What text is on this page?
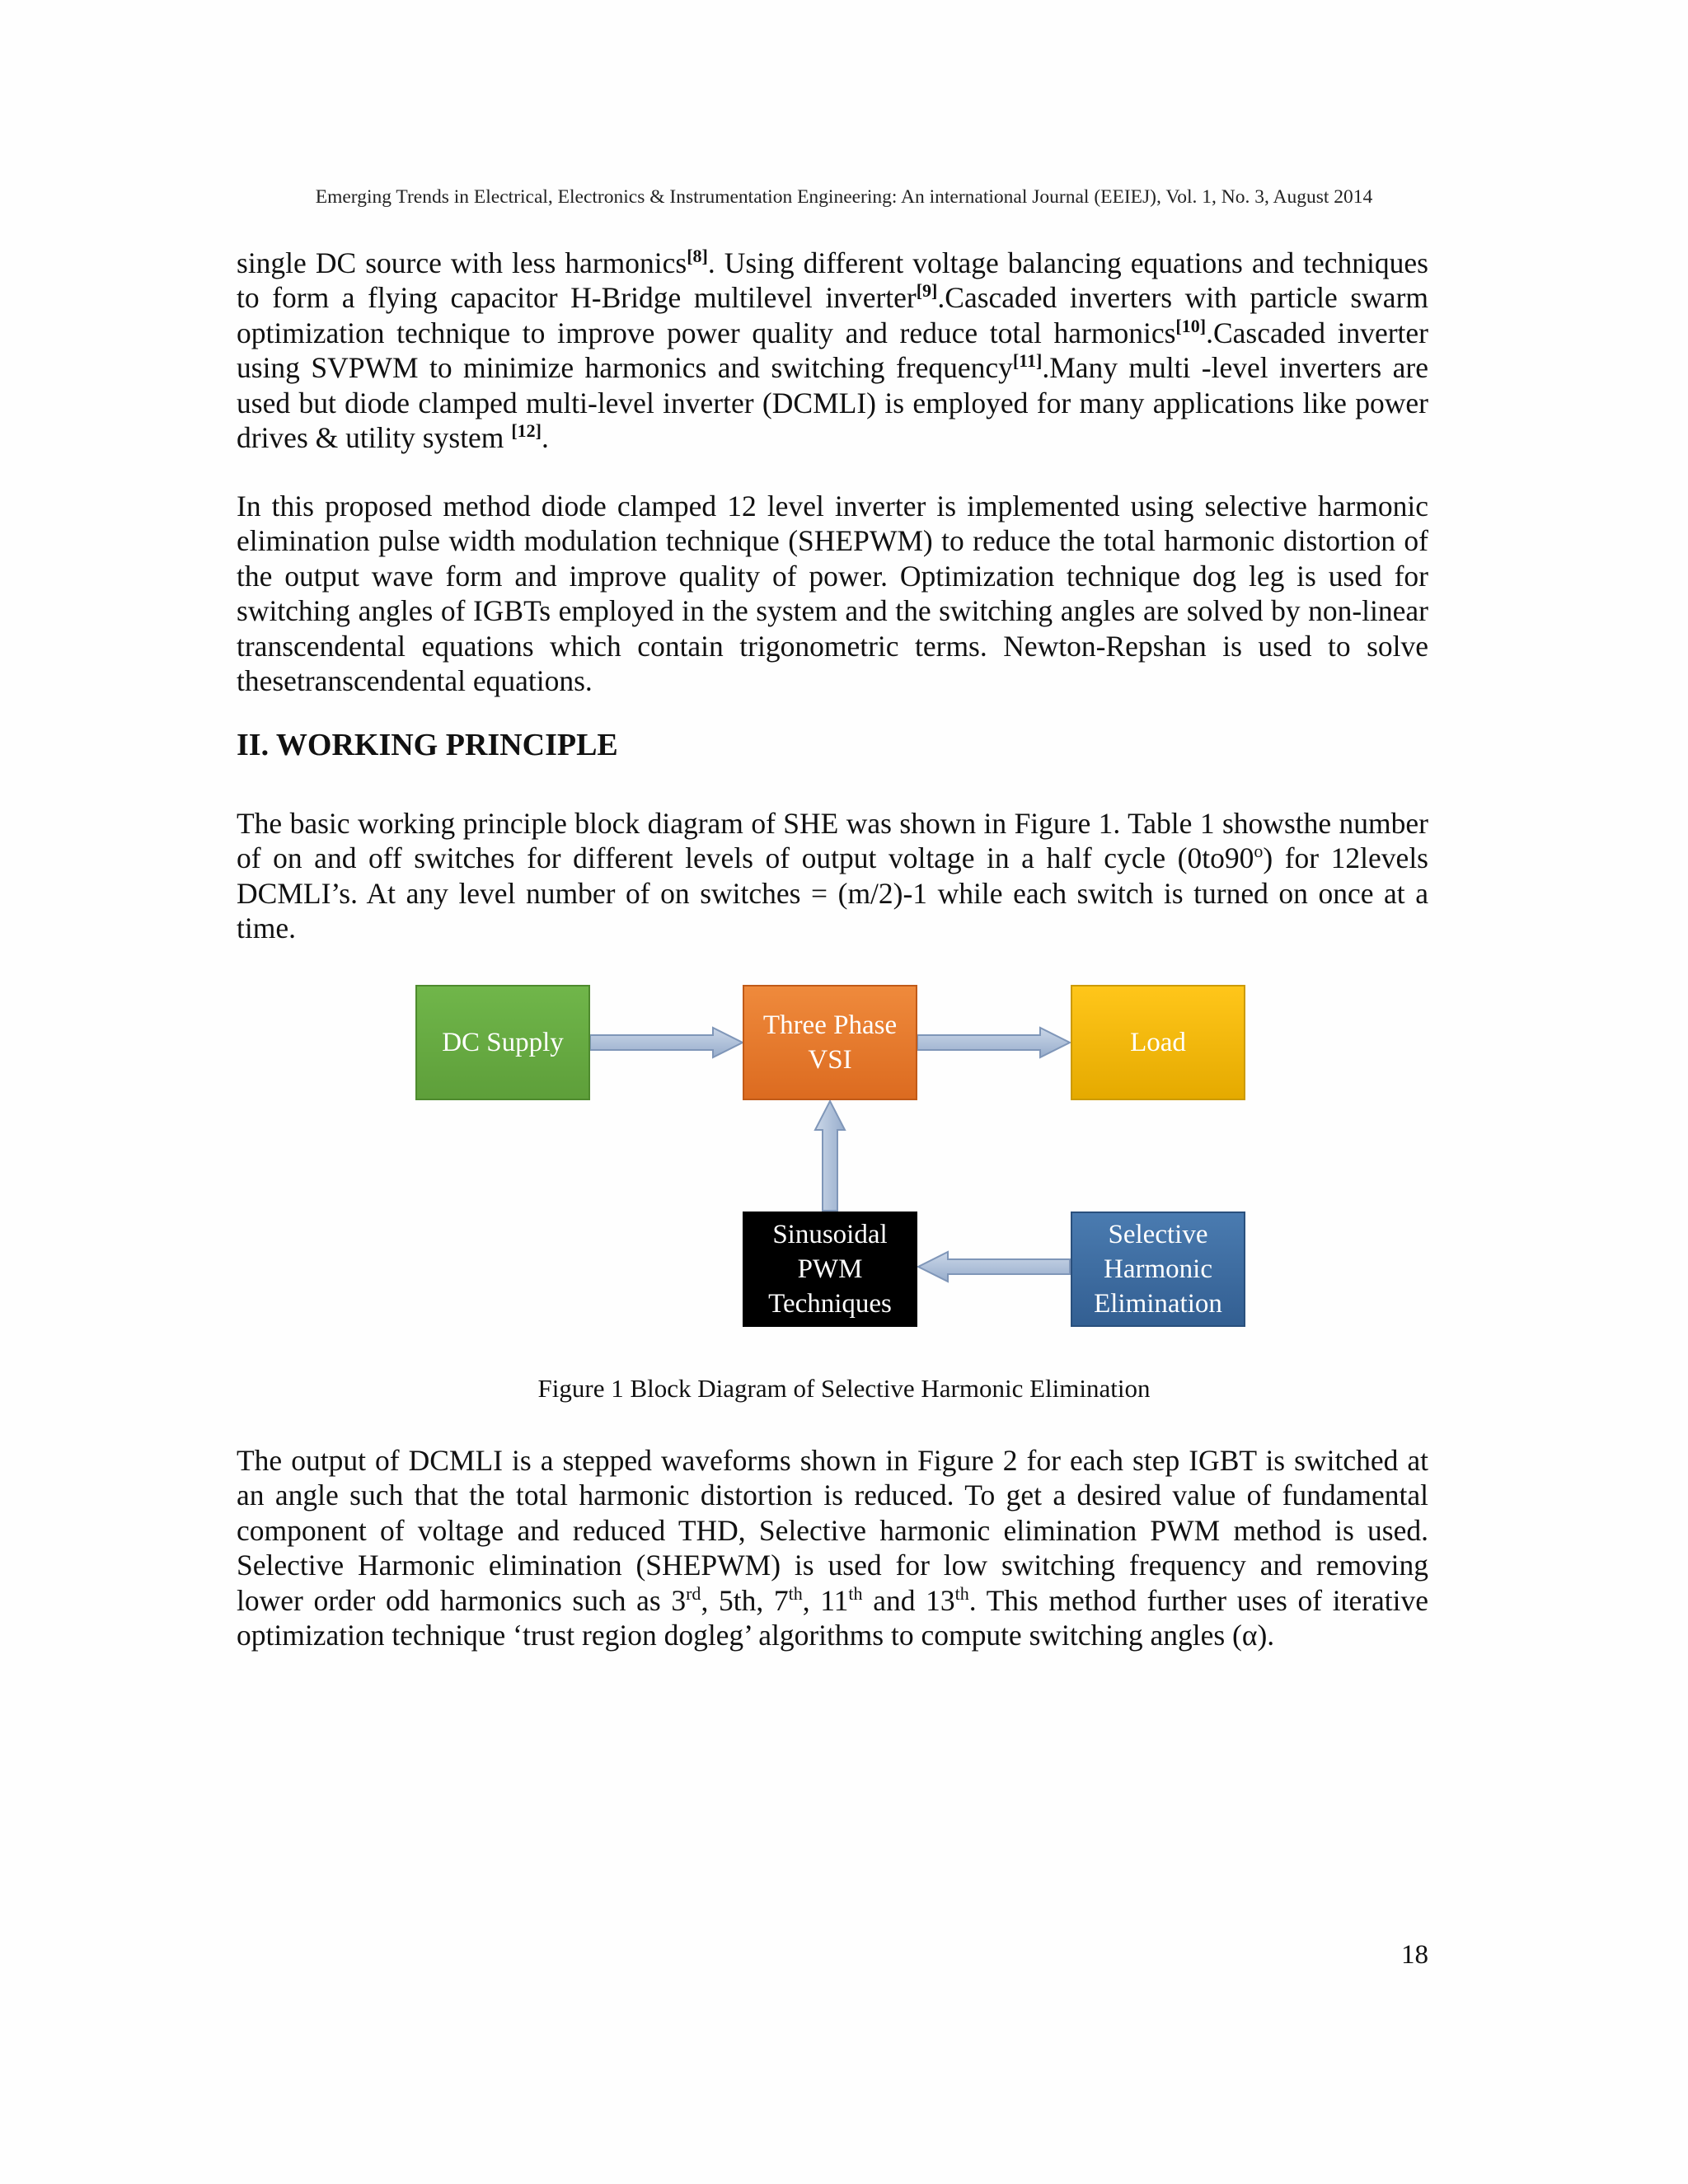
Emerging Trends in Electrical, Electronics & Instrumentation Engineering: An international Journal (EEIEJ), Vol. 1, No. 3, August 2014

single DC source with less harmonics[8]. Using different voltage balancing equations and techniques to form a flying capacitor H-Bridge multilevel inverter[9].Cascaded inverters with particle swarm optimization technique to improve power quality and reduce total harmonics[10].Cascaded inverter using SVPWM to minimize harmonics and switching frequency[11].Many multi -level inverters are used but diode clamped multi-level inverter (DCMLI) is employed for many applications like power drives & utility system [12].

In this proposed method diode clamped 12 level inverter is implemented using selective harmonic elimination pulse width modulation technique (SHEPWM) to reduce the total harmonic distortion of the output wave form and improve quality of power. Optimization technique dog leg is used for switching angles of IGBTs employed in the system and the switching angles are solved by non-linear transcendental equations which contain trigonometric terms. Newton-Repshan is used to solve thesetranscendental equations.

II. WORKING PRINCIPLE

The basic working principle block diagram of SHE was shown in Figure 1. Table 1 showsthe number of on and off switches for different levels of output voltage in a half cycle (0to90$^o$) for 12levels DCMLI’s. At any level number of on switches = (m/2)-1 while each switch is turned on once at a time.

DC Supply
Three Phase
VSI
Load
Sinusoidal
PWM
Techniques
Selective
Harmonic
Elimination
Figure 1 Block Diagram of Selective Harmonic Elimination

The output of DCMLI is a stepped waveforms shown in Figure 2 for each step IGBT is switched at an angle such that the total harmonic distortion is reduced. To get a desired value of fundamental component of voltage and reduced THD, Selective harmonic elimination PWM method is used. Selective Harmonic elimination (SHEPWM) is used for low switching frequency and removing lower order odd harmonics such as 3rd, 5th, 7th, 11th and 13th. This method further uses of iterative optimization technique ‘trust region dogleg’ algorithms to compute switching angles (α).

18
